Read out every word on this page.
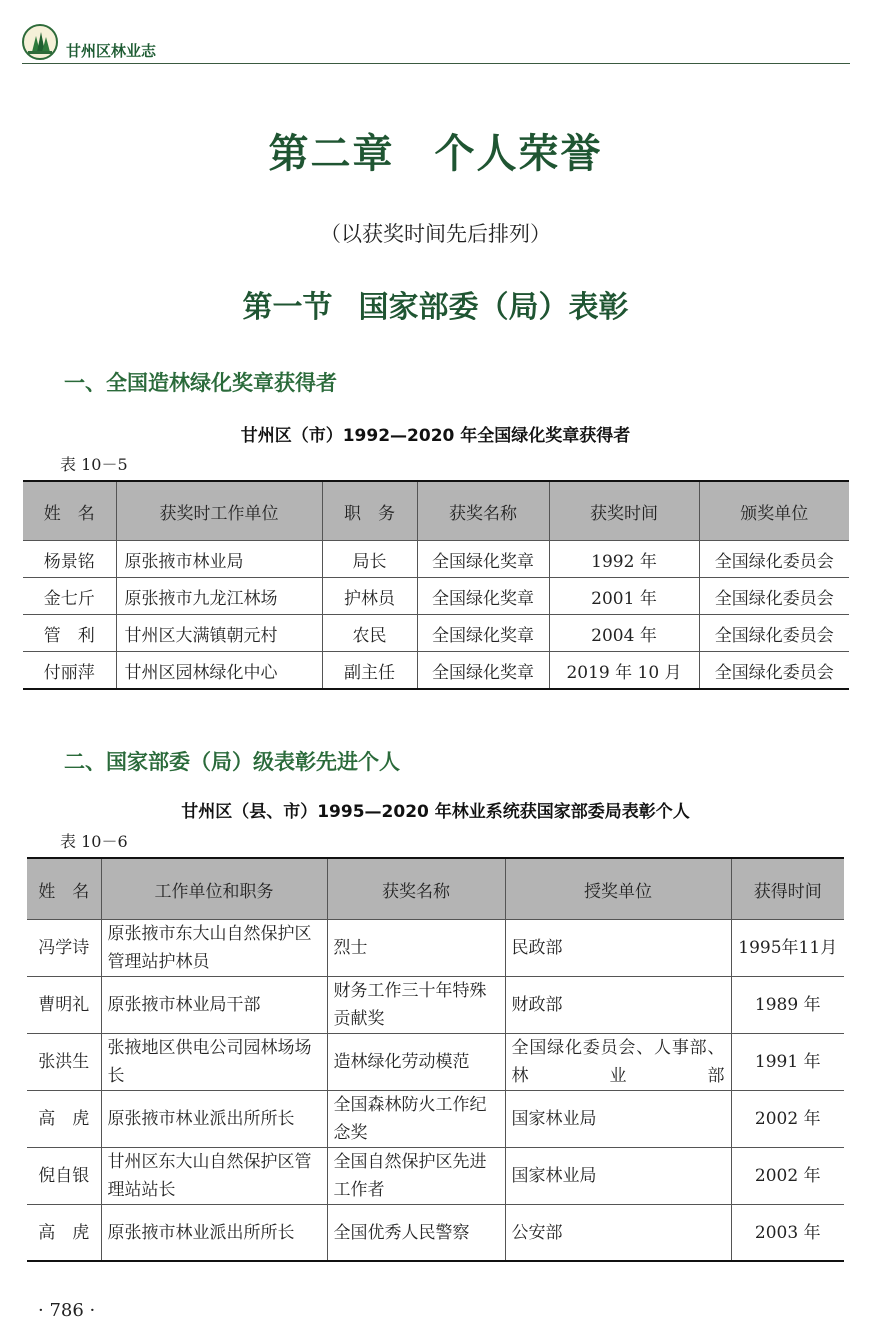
甘州区林业志
第二章 个人荣誉
（以获奖时间先后排列）
第一节 国家部委（局）表彰
一、全国造林绿化奖章获得者
甘州区（市）1992—2020 年全国绿化奖章获得者
表 10－5
姓　名	获奖时工作单位	职　务	获奖名称	获奖时间	颁奖单位
杨景铭	原张掖市林业局	局长	全国绿化奖章	1992 年	全国绿化委员会
金七斤	原张掖市九龙江林场	护林员	全国绿化奖章	2001 年	全国绿化委员会
管　利	甘州区大满镇朝元村	农民	全国绿化奖章	2004 年	全国绿化委员会
付丽萍	甘州区园林绿化中心	副主任	全国绿化奖章	2019 年 10 月	全国绿化委员会
二、国家部委（局）级表彰先进个人
甘州区（县、市）1995—2020 年林业系统获国家部委局表彰个人
表 10－6
姓　名	工作单位和职务	获奖名称	授奖单位	获得时间
冯学诗	原张掖市东大山自然保护区管理站护林员	烈士	民政部	1995年11月
曹明礼	原张掖市林业局干部	财务工作三十年特殊贡献奖	财政部	1989 年
张洪生	张掖地区供电公司园林场场长	造林绿化劳动模范	全国绿化委员会、人事部、林业部	1991 年
高　虎	原张掖市林业派出所所长	全国森林防火工作纪念奖	国家林业局	2002 年
倪自银	甘州区东大山自然保护区管理站站长	全国自然保护区先进工作者	国家林业局	2002 年
高　虎	原张掖市林业派出所所长	全国优秀人民警察	公安部	2003 年
· 786 ·
